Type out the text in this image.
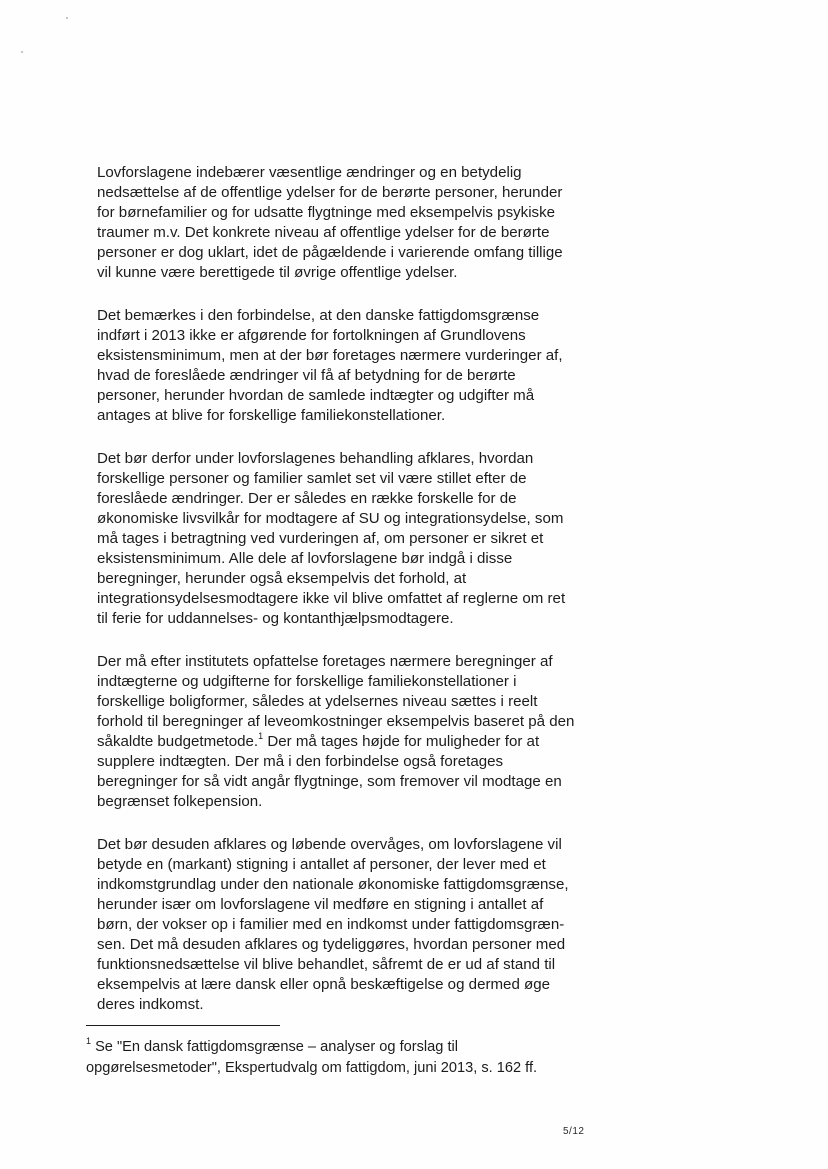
Lovforslagene indebærer væsentlige ændringer og en betydelig
nedsættelse af de offentlige ydelser for de berørte personer, herunder
for børnefamilier og for udsatte flygtninge med eksempelvis psykiske
traumer m.v. Det konkrete niveau af offentlige ydelser for de berørte
personer er dog uklart, idet de pågældende i varierende omfang tillige
vil kunne være berettigede til øvrige offentlige ydelser.

Det bemærkes i den forbindelse, at den danske fattigdomsgrænse
indført i 2013 ikke er afgørende for fortolkningen af Grundlovens
eksistensminimum, men at der bør foretages nærmere vurderinger af,
hvad de foreslåede ændringer vil få af betydning for de berørte
personer, herunder hvordan de samlede indtægter og udgifter må
antages at blive for forskellige familiekonstellationer.

Det bør derfor under lovforslagenes behandling afklares, hvordan
forskellige personer og familier samlet set vil være stillet efter de
foreslåede ændringer. Der er således en række forskelle for de
økonomiske livsvilkår for modtagere af SU og integrationsydelse, som
må tages i betragtning ved vurderingen af, om personer er sikret et
eksistensminimum. Alle dele af lovforslagene bør indgå i disse
beregninger, herunder også eksempelvis det forhold, at
integrationsydelsesmodtagere ikke vil blive omfattet af reglerne om ret
til ferie for uddannelses- og kontanthjælpsmodtagere.

Der må efter institutets opfattelse foretages nærmere beregninger af
indtægterne og udgifterne for forskellige familiekonstellationer i
forskellige boligformer, således at ydelsernes niveau sættes i reelt
forhold til beregninger af leveomkostninger eksempelvis baseret på den
såkaldte budgetmetode.$^1$ Der må tages højde for muligheder for at
supplere indtægten. Der må i den forbindelse også foretages
beregninger for så vidt angår flygtninge, som fremover vil modtage en
begrænset folkepension.

Det bør desuden afklares og løbende overvåges, om lovforslagene vil
betyde en (markant) stigning i antallet af personer, der lever med et
indkomstgrundlag under den nationale økonomiske fattigdomsgrænse,
herunder især om lovforslagene vil medføre en stigning i antallet af
børn, der vokser op i familier med en indkomst under fattigdomsgræn-
sen. Det må desuden afklares og tydeliggøres, hvordan personer med
funktionsnedsættelse vil blive behandlet, såfremt de er ud af stand til
eksempelvis at lære dansk eller opnå beskæftigelse og dermed øge
deres indkomst.

$^1$ Se "En dansk fattigdomsgrænse – analyser og forslag til
opgørelsesmetoder", Ekspertudvalg om fattigdom, juni 2013, s. 162 ff.
5/12
